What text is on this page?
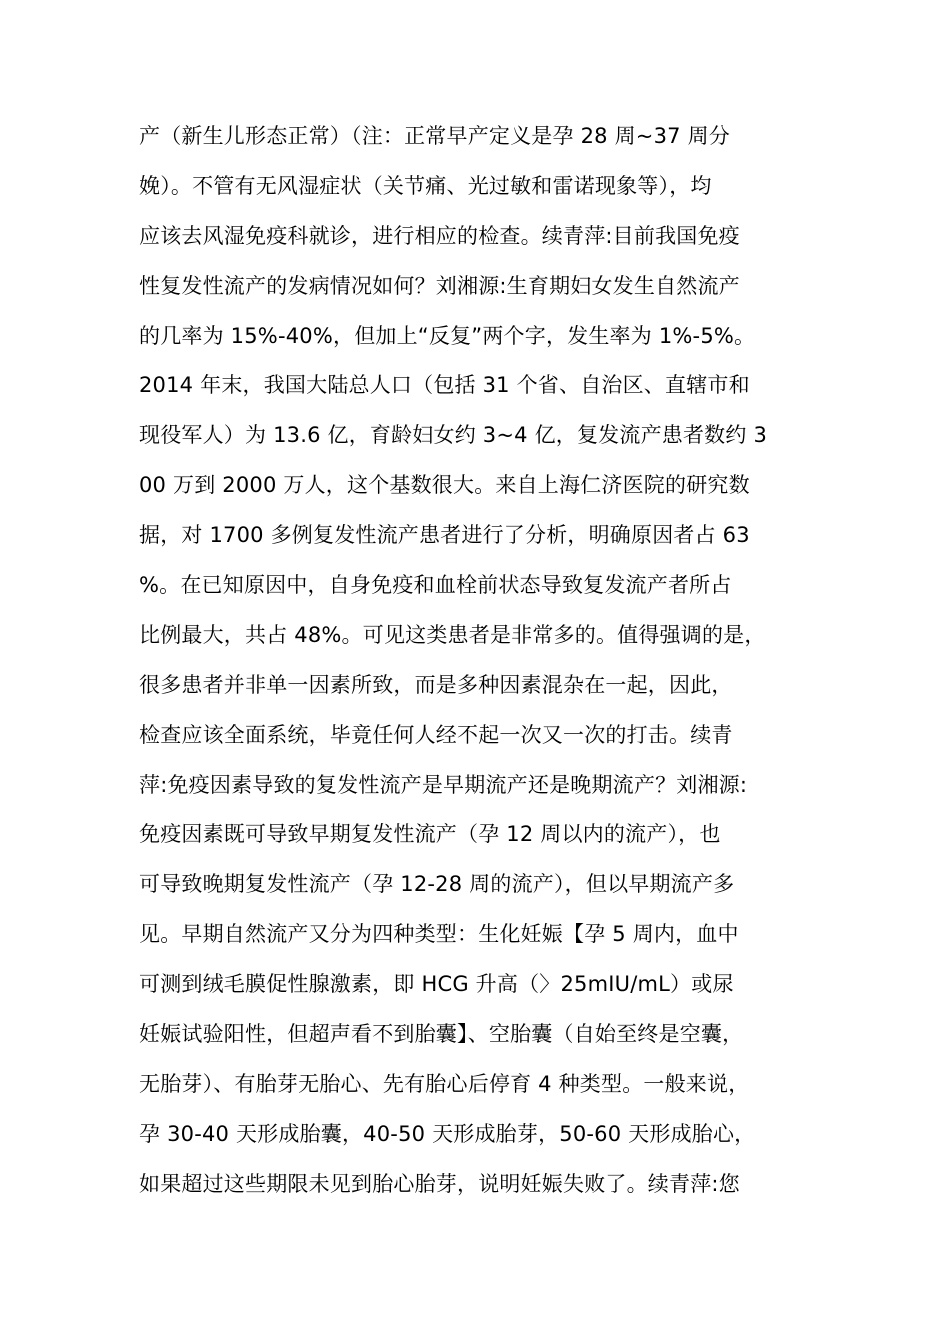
产（新生儿形态正常）（注：正常早产定义是孕 28 周~37 周分
娩）。不管有无风湿症状（关节痛、光过敏和雷诺现象等），均
应该去风湿免疫科就诊，进行相应的检查。续青萍:目前我国免疫
性复发性流产的发病情况如何？刘湘源:生育期妇女发生自然流产
的几率为 15%-40%，但加上“反复”两个字，发生率为 1%-5%。
2014 年末，我国大陆总人口（包括 31 个省、自治区、直辖市和
现役军人）为 13.6 亿，育龄妇女约 3~4 亿，复发流产患者数约 3
00 万到 2000 万人，这个基数很大。来自上海仁济医院的研究数
据，对 1700 多例复发性流产患者进行了分析，明确原因者占 63
%。在已知原因中，自身免疫和血栓前状态导致复发流产者所占
比例最大，共占 48%。可见这类患者是非常多的。值得强调的是，
很多患者并非单一因素所致，而是多种因素混杂在一起，因此，
检查应该全面系统，毕竟任何人经不起一次又一次的打击。续青
萍:免疫因素导致的复发性流产是早期流产还是晚期流产？刘湘源:
免疫因素既可导致早期复发性流产（孕 12 周以内的流产），也
可导致晚期复发性流产（孕 12-28 周的流产），但以早期流产多
见。早期自然流产又分为四种类型：生化妊娠【孕 5 周内，血中
可测到绒毛膜促性腺激素，即 HCG 升高（〉25mIU/mL）或尿
妊娠试验阳性，但超声看不到胎囊】、空胎囊（自始至终是空囊，
无胎芽）、有胎芽无胎心、先有胎心后停育 4 种类型。一般来说，
孕 30-40 天形成胎囊，40-50 天形成胎芽，50-60 天形成胎心，
如果超过这些期限未见到胎心胎芽，说明妊娠失败了。续青萍:您
